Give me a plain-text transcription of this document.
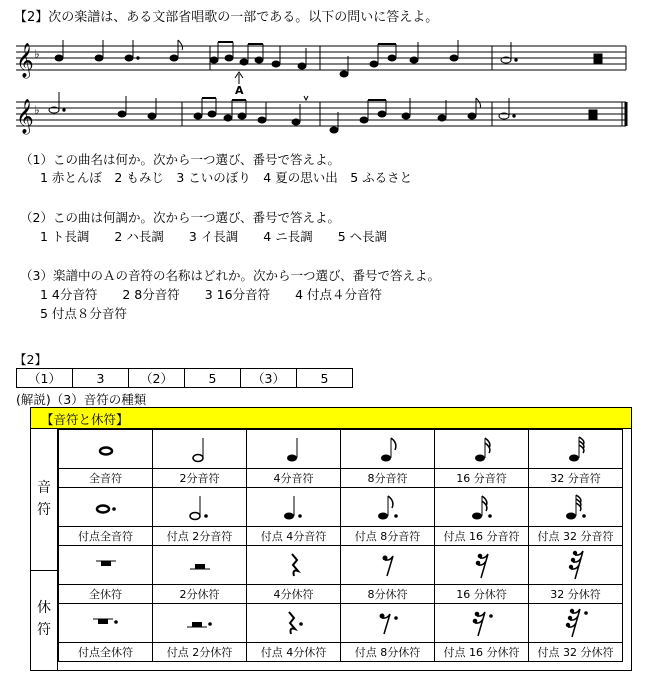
【2】次の楽譜は、ある文部省唱歌の一部である。以下の問いに答えよ。
𝄞
𝄞
♭
♭
A
（1）この曲名は何か。次から一つ選び、番号で答えよ。
1 赤とんぼ　2 もみじ　3 こいのぼり　4 夏の思い出　5 ふるさと
（2）この曲は何調か。次から一つ選び、番号で答えよ。
1 ト長調　　2 ハ長調　　3 イ長調　　4 ニ長調　　5 ヘ長調
（3）楽譜中のＡの音符の名称はどれか。次から一つ選び、番号で答えよ。
1 4分音符　　2 8分音符　　3 16分音符　　4 付点４分音符
5 付点８分音符
【2】
（1）	3	（2）	5	（3）	5
(解説)（3）音符の種類
【音符と休符】
音
符
休
符

全音符	2分音符	4分音符	8分音符	16 分音符	32 分音符

付点全音符	付点 2分音符	付点 4分音符	付点 8分音符	付点 16 分音符	付点 32 分音符

全休符	2分休符	4分休符	8分休符	16 分休符	32 分休符

付点全休符	付点 2分休符	付点 4分休符	付点 8分休符	付点 16 分休符	付点 32 分休符
